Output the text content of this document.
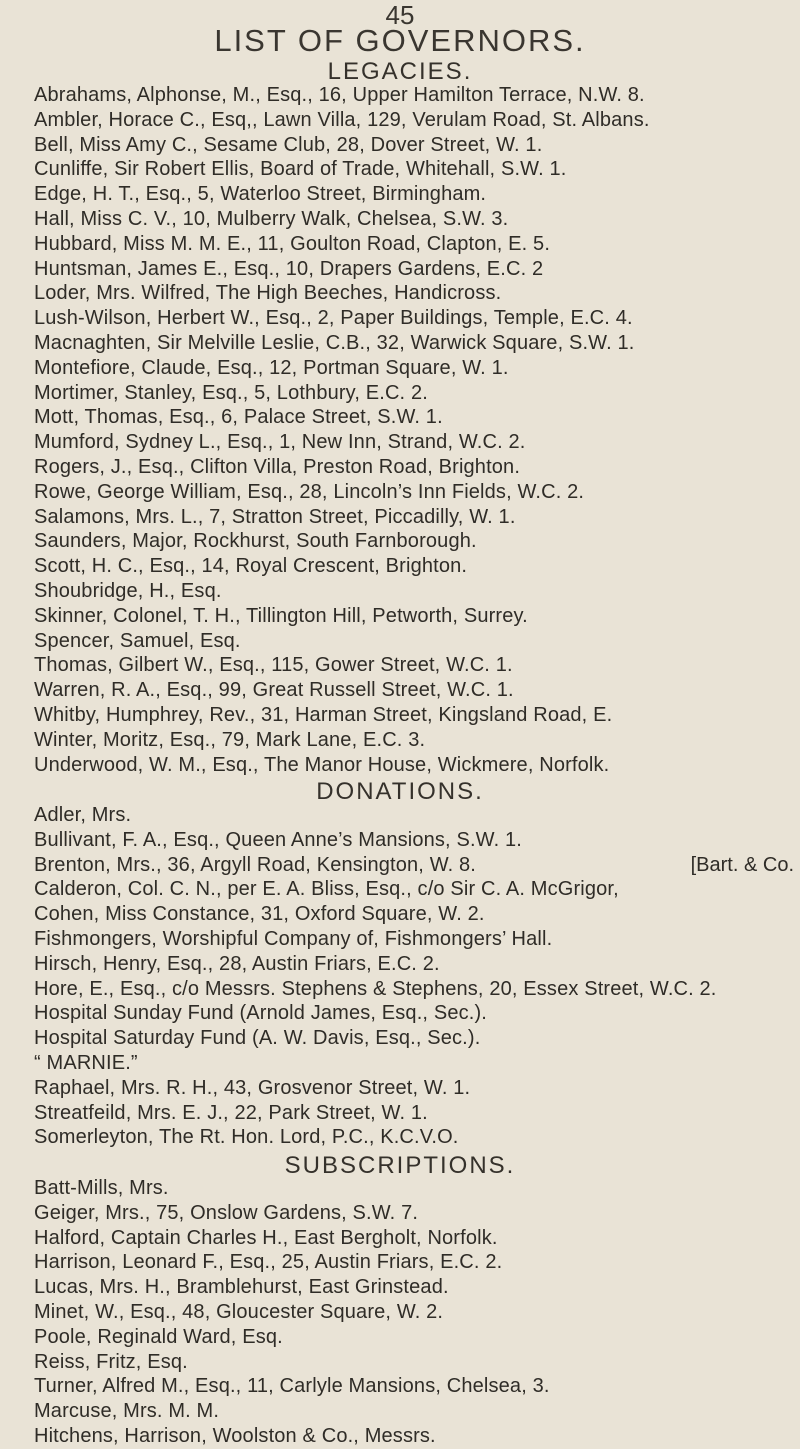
45
LIST OF GOVERNORS.
LEGACIES.
Abrahams, Alphonse, M., Esq., 16, Upper Hamilton Terrace, N.W. 8.
Ambler, Horace C., Esq,, Lawn Villa, 129, Verulam Road, St. Albans.
Bell, Miss Amy C., Sesame Club, 28, Dover Street, W. 1.
Cunliffe, Sir Robert Ellis, Board of Trade, Whitehall, S.W. 1.
Edge, H. T., Esq., 5, Waterloo Street, Birmingham.
Hall, Miss C. V., 10, Mulberry Walk, Chelsea, S.W. 3.
Hubbard, Miss M. M. E., 11, Goulton Road, Clapton, E. 5.
Huntsman, James E., Esq., 10, Drapers Gardens, E.C. 2
Loder, Mrs. Wilfred, The High Beeches, Handicross.
Lush-Wilson, Herbert W., Esq., 2, Paper Buildings, Temple, E.C. 4.
Macnaghten, Sir Melville Leslie, C.B., 32, Warwick Square, S.W. 1.
Montefiore, Claude, Esq., 12, Portman Square, W. 1.
Mortimer, Stanley, Esq., 5, Lothbury, E.C. 2.
Mott, Thomas, Esq., 6, Palace Street, S.W. 1.
Mumford, Sydney L., Esq., 1, New Inn, Strand, W.C. 2.
Rogers, J., Esq., Clifton Villa, Preston Road, Brighton.
Rowe, George William, Esq., 28, Lincoln’s Inn Fields, W.C. 2.
Salamons, Mrs. L., 7, Stratton Street, Piccadilly, W. 1.
Saunders, Major, Rockhurst, South Farnborough.
Scott, H. C., Esq., 14, Royal Crescent, Brighton.
Shoubridge, H., Esq.
Skinner, Colonel, T. H., Tillington Hill, Petworth, Surrey.
Spencer, Samuel, Esq.
Thomas, Gilbert W., Esq., 115, Gower Street, W.C. 1.
Warren, R. A., Esq., 99, Great Russell Street, W.C. 1.
Whitby, Humphrey, Rev., 31, Harman Street, Kingsland Road, E.
Winter, Moritz, Esq., 79, Mark Lane, E.C. 3.
Underwood, W. M., Esq., The Manor House, Wickmere, Norfolk.
DONATIONS.
Adler, Mrs.
Bullivant, F. A., Esq., Queen Anne’s Mansions, S.W. 1.
Brenton, Mrs., 36, Argyll Road, Kensington, W. 8.	[Bart. & Co.
Calderon, Col. C. N., per E. A. Bliss, Esq., c/o Sir C. A. McGrigor,
Cohen, Miss Constance, 31, Oxford Square, W. 2.
Fishmongers, Worshipful Company of, Fishmongers’ Hall.
Hirsch, Henry, Esq., 28, Austin Friars, E.C. 2.
Hore, E., Esq., c/o Messrs. Stephens & Stephens, 20, Essex Street, W.C. 2.
Hospital Sunday Fund (Arnold James, Esq., Sec.).
Hospital Saturday Fund (A. W. Davis, Esq., Sec.).
“ MARNIE.”
Raphael, Mrs. R. H., 43, Grosvenor Street, W. 1.
Streatfeild, Mrs. E. J., 22, Park Street, W. 1.
Somerleyton, The Rt. Hon. Lord, P.C., K.C.V.O.
SUBSCRIPTIONS.
Batt-Mills, Mrs.
Geiger, Mrs., 75, Onslow Gardens, S.W. 7.
Halford, Captain Charles H., East Bergholt, Norfolk.
Harrison, Leonard F., Esq., 25, Austin Friars, E.C. 2.
Lucas, Mrs. H., Bramblehurst, East Grinstead.
Minet, W., Esq., 48, Gloucester Square, W. 2.
Poole, Reginald Ward, Esq.
Reiss, Fritz, Esq.
Turner, Alfred M., Esq., 11, Carlyle Mansions, Chelsea, 3.
Marcuse, Mrs. M. M.
Hitchens, Harrison, Woolston & Co., Messrs.
